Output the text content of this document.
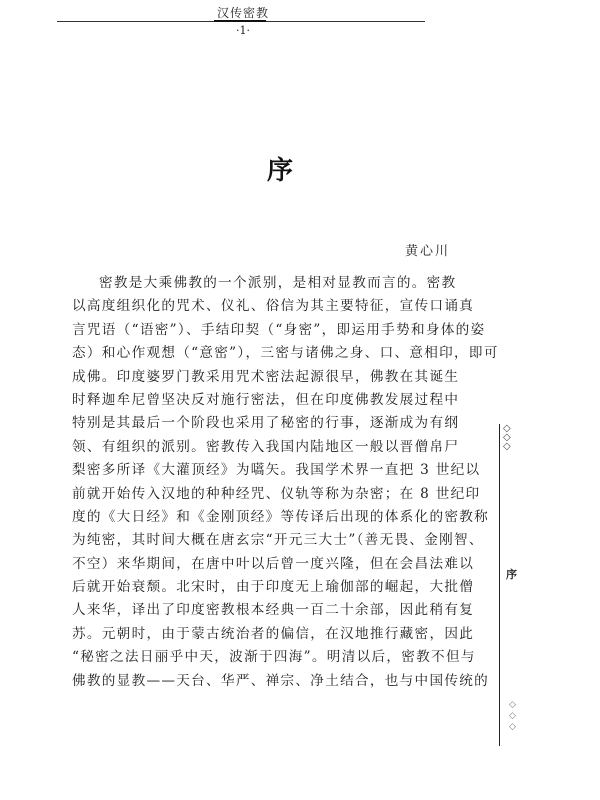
汉传密教
·1·
序
黄心川
密教是大乘佛教的一个派别，是相对显教而言的。密教
以高度组织化的咒术、仪礼、俗信为其主要特征，宣传口诵真
言咒语（“语密”）、手结印契（“身密”，即运用手势和身体的姿
态）和心作观想（“意密”），三密与诸佛之身、口、意相印，即可
成佛。印度婆罗门教采用咒术密法起源很早，佛教在其诞生
时释迦牟尼曾坚决反对施行密法，但在印度佛教发展过程中
特别是其最后一个阶段也采用了秘密的行事，逐渐成为有纲
领、有组织的派别。密教传入我国内陆地区一般以晋僧帛尸
梨密多所译《大灌顶经》为嚆矢。我国学术界一直把 3 世纪以
前就开始传入汉地的种种经咒、仪轨等称为杂密；在 8 世纪印
度的《大日经》和《金刚顶经》等传译后出现的体系化的密教称
为纯密，其时间大概在唐玄宗“开元三大士”（善无畏、金刚智、
不空）来华期间，在唐中叶以后曾一度兴隆，但在会昌法难以
后就开始衰颓。北宋时，由于印度无上瑜伽部的崛起，大批僧
人来华，译出了印度密教根本经典一百二十余部，因此稍有复
苏。元朝时，由于蒙古统治者的偏信，在汉地推行藏密，因此
“秘密之法日丽乎中天，波渐于四海”。明清以后，密教不但与
佛教的显教——天台、华严、禅宗、净土结合，也与中国传统的
◇
◇
◇
序
◇
◇
◇
